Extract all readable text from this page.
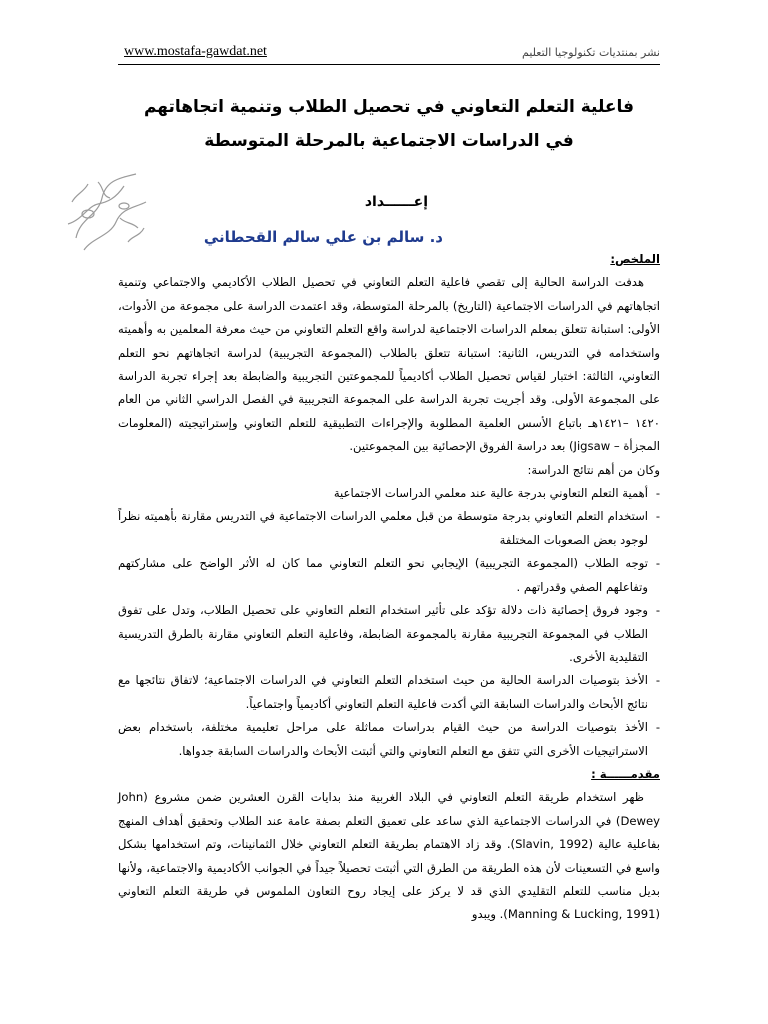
www.mostafa-gawdat.net	نشر بمنتديات تكنولوجيا التعليم
فاعلية التعلم التعاوني في تحصيل الطلاب وتنمية اتجاهاتهم
في الدراسات الاجتماعية بالمرحلة المتوسطة
إعــــــداد
د. سالم بن علي سالم القحطاني

الملخص:

هدفت الدراسة الحالية إلى تقصي فاعلية التعلم التعاوني في تحصيل الطلاب الأكاديمي والاجتماعي وتنمية اتجاهاتهم في الدراسات الاجتماعية (التاريخ) بالمرحلة المتوسطة، وقد اعتمدت الدراسة على مجموعة من الأدوات، الأولى: استبانة تتعلق بمعلم الدراسات الاجتماعية لدراسة واقع التعلم التعاوني من حيث معرفة المعلمين به وأهميته واستخدامه في التدريس، الثانية: استبانة تتعلق بالطلاب (المجموعة التجريبية) لدراسة اتجاهاتهم نحو التعلم التعاوني، الثالثة: اختبار لقياس تحصيل الطلاب أكاديمياً للمجموعتين التجريبية والضابطة بعد إجراء تجربة الدراسة على المجموعة الأولى. وقد أجريت تجربة الدراسة على المجموعة التجريبية في الفصل الدراسي الثاني من العام ١٤٢٠ –١٤٢١هـ باتباع الأسس العلمية المطلوبة والإجراءات التطبيقية للتعلم التعاوني وإستراتيجيته (المعلومات المجزأة – Jigsaw) بعد دراسة الفروق الإحصائية بين المجموعتين.

وكان من أهم نتائج الدراسة:

- أهمية التعلم التعاوني بدرجة عالية عند معلمي الدراسات الاجتماعية
- استخدام التعلم التعاوني بدرجة متوسطة من قبل معلمي الدراسات الاجتماعية في التدريس مقارنة بأهميته نظراً لوجود بعض الصعوبات المختلفة
- توجه الطلاب (المجموعة التجريبية) الإيجابي نحو التعلم التعاوني مما كان له الأثر الواضح على مشاركتهم وتفاعلهم الصفي وقدراتهم .
- وجود فروق إحصائية ذات دلالة تؤكد على تأثير استخدام التعلم التعاوني على تحصيل الطلاب، وتدل على تفوق الطلاب في المجموعة التجريبية مقارنة بالمجموعة الضابطة، وفاعلية التعلم التعاوني مقارنة بالطرق التدريسية التقليدية الأخرى.
- الأخذ بتوصيات الدراسة الحالية من حيث استخدام التعلم التعاوني في الدراسات الاجتماعية؛ لاتفاق نتائجها مع نتائج الأبحاث والدراسات السابقة التي أكدت فاعلية التعلم التعاوني أكاديمياً واجتماعياً.
- الأخذ بتوصيات الدراسة من حيث القيام بدراسات مماثلة على مراحل تعليمية مختلفة، باستخدام بعض الاستراتيجيات الأخرى التي تتفق مع التعلم التعاوني والتي أثبتت الأبحاث والدراسات السابقة جدواها.

مقدمــــــة :

ظهر استخدام طريقة التعلم التعاوني في البلاد الغربية منذ بدايات القرن العشرين ضمن مشروع (John Dewey) في الدراسات الاجتماعية الذي ساعد على تعميق التعلم بصفة عامة عند الطلاب وتحقيق أهداف المنهج بفاعلية عالية (Slavin, 1992). وقد زاد الاهتمام بطريقة التعلم التعاوني خلال الثمانينات، وتم استخدامها بشكل واسع في التسعينات لأن هذه الطريقة من الطرق التي أثبتت تحصيلاً جيداً في الجوانب الأكاديمية والاجتماعية، ولأنها بديل مناسب للتعلم التقليدي الذي قد لا يركز على إيجاد روح التعاون الملموس في طريقة التعلم التعاوني (Manning & Lucking, 1991). ويبدو
